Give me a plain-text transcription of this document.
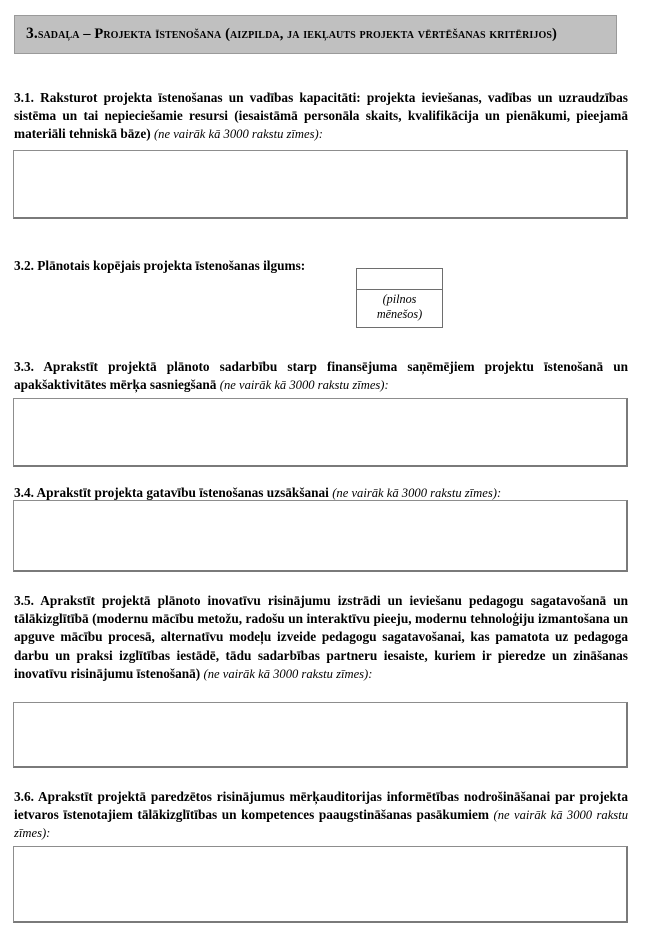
3.sadaļa – Projekta īstenošana (aizpilda, ja iekļauts projekta vērtēšanas kritērijos)
3.1. Raksturot projekta īstenošanas un vadības kapacitāti: projekta ieviešanas, vadības un uzraudzības sistēma un tai nepieciešamie resursi (iesaistāmā personāla skaits, kvalifikācija un pienākumi, pieejamā materiāli tehniskā bāze) (ne vairāk kā 3000 rakstu zīmes):
3.2. Plānotais kopējais projekta īstenošanas ilgums:
(pilnos
mēnešos)
3.3. Aprakstīt projektā plānoto sadarbību starp finansējuma saņēmējiem projektu īstenošanā un apakšaktivitātes mērķa sasniegšanā (ne vairāk kā 3000 rakstu zīmes):
3.4. Aprakstīt projekta gatavību īstenošanas uzsākšanai (ne vairāk kā 3000 rakstu zīmes):
3.5. Aprakstīt projektā plānoto inovatīvu risinājumu izstrādi un ieviešanu pedagogu sagatavošanā un tālākizglītībā (modernu mācību metožu, radošu un interaktīvu pieeju, modernu tehnoloģiju izmantošana un apguve mācību procesā, alternatīvu modeļu izveide pedagogu sagatavošanai, kas pamatota uz pedagoga darbu un praksi izglītības iestādē, tādu sadarbības partneru iesaiste, kuriem ir pieredze un zināšanas inovatīvu risinājumu īstenošanā) (ne vairāk kā 3000 rakstu zīmes):
3.6. Aprakstīt projektā paredzētos risinājumus mērķauditorijas informētības nodrošināšanai par projekta ietvaros īstenotajiem tālākizglītības un kompetences paaugstināšanas pasākumiem (ne vairāk kā 3000 rakstu zīmes):
